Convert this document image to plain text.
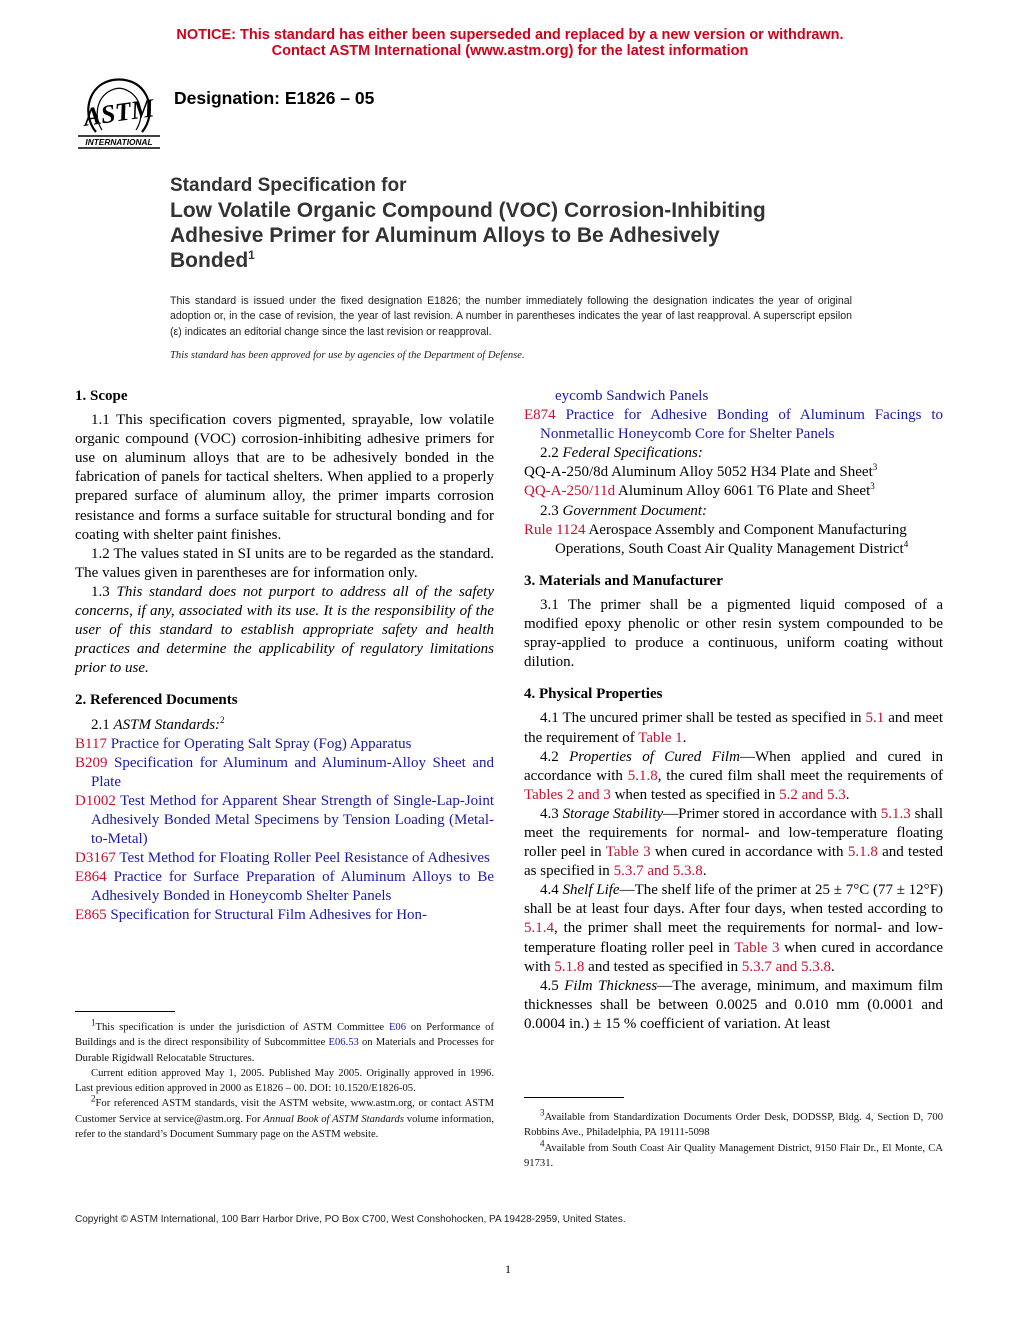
NOTICE: This standard has either been superseded and replaced by a new version or withdrawn.
Contact ASTM International (www.astm.org) for the latest information
ASTM
INTERNATIONAL
Designation: E1826 – 05
Standard Specification for
Low Volatile Organic Compound (VOC) Corrosion-Inhibiting
Adhesive Primer for Aluminum Alloys to Be Adhesively
Bonded$^1$
This standard is issued under the fixed designation E1826; the number immediately following the designation indicates the year of original adoption or, in the case of revision, the year of last revision. A number in parentheses indicates the year of last reapproval. A superscript epsilon (ε) indicates an editorial change since the last revision or reapproval.
This standard has been approved for use by agencies of the Department of Defense.

1. Scope

1.1 This specification covers pigmented, sprayable, low volatile organic compound (VOC) corrosion-inhibiting adhesive primers for use on aluminum alloys that are to be adhesively bonded in the fabrication of panels for tactical shelters. When applied to a properly prepared surface of aluminum alloy, the primer imparts corrosion resistance and forms a surface suitable for structural bonding and for coating with shelter paint finishes.

1.2 The values stated in SI units are to be regarded as the standard. The values given in parentheses are for information only.

1.3 This standard does not purport to address all of the safety concerns, if any, associated with its use. It is the responsibility of the user of this standard to establish appropriate safety and health practices and determine the applicability of regulatory limitations prior to use.

2. Referenced Documents

2.1 ASTM Standards:$^2$

B117 Practice for Operating Salt Spray (Fog) Apparatus

B209 Specification for Aluminum and Aluminum-Alloy Sheet and Plate

D1002 Test Method for Apparent Shear Strength of Single-Lap-Joint Adhesively Bonded Metal Specimens by Tension Loading (Metal-to-Metal)

D3167 Test Method for Floating Roller Peel Resistance of Adhesives

E864 Practice for Surface Preparation of Aluminum Alloys to Be Adhesively Bonded in Honeycomb Shelter Panels

E865 Specification for Structural Film Adhesives for Hon-

$^1$This specification is under the jurisdiction of ASTM Committee E06 on Performance of Buildings and is the direct responsibility of Subcommittee E06.53 on Materials and Processes for Durable Rigidwall Relocatable Structures.

Current edition approved May 1, 2005. Published May 2005. Originally approved in 1996. Last previous edition approved in 2000 as E1826 – 00. DOI: 10.1520/E1826-05.

$^2$For referenced ASTM standards, visit the ASTM website, www.astm.org, or contact ASTM Customer Service at service@astm.org. For Annual Book of ASTM Standards volume information, refer to the standard’s Document Summary page on the ASTM website.

eycomb Sandwich Panels

E874 Practice for Adhesive Bonding of Aluminum Facings to Nonmetallic Honeycomb Core for Shelter Panels

2.2 Federal Specifications:

QQ-A-250/8d Aluminum Alloy 5052 H34 Plate and Sheet$^3$

QQ-A-250/11d Aluminum Alloy 6061 T6 Plate and Sheet$^3$

2.3 Government Document:

Rule 1124 Aerospace Assembly and Component Manufacturing Operations, South Coast Air Quality Management District$^4$

3. Materials and Manufacturer

3.1 The primer shall be a pigmented liquid composed of a modified epoxy phenolic or other resin system compounded to be spray-applied to produce a continuous, uniform coating without dilution.

4. Physical Properties

4.1 The uncured primer shall be tested as specified in 5.1 and meet the requirement of Table 1.

4.2 Properties of Cured Film—When applied and cured in accordance with 5.1.8, the cured film shall meet the requirements of Tables 2 and 3 when tested as specified in 5.2 and 5.3.

4.3 Storage Stability—Primer stored in accordance with 5.1.3 shall meet the requirements for normal- and low-temperature floating roller peel in Table 3 when cured in accordance with 5.1.8 and tested as specified in 5.3.7 and 5.3.8.

4.4 Shelf Life—The shelf life of the primer at 25 ± 7°C (77 ± 12°F) shall be at least four days. After four days, when tested according to 5.1.4, the primer shall meet the requirements for normal- and low-temperature floating roller peel in Table 3 when cured in accordance with 5.1.8 and tested as specified in 5.3.7 and 5.3.8.

4.5 Film Thickness—The average, minimum, and maximum film thicknesses shall be between 0.0025 and 0.010 mm (0.0001 and 0.0004 in.) ± 15 % coefficient of variation. At least

$^3$Available from Standardization Documents Order Desk, DODSSP, Bldg. 4, Section D, 700 Robbins Ave., Philadelphia, PA 19111-5098

$^4$Available from South Coast Air Quality Management District, 9150 Flair Dr., El Monte, CA 91731.

Copyright © ASTM International, 100 Barr Harbor Drive, PO Box C700, West Conshohocken, PA 19428-2959, United States.
1
